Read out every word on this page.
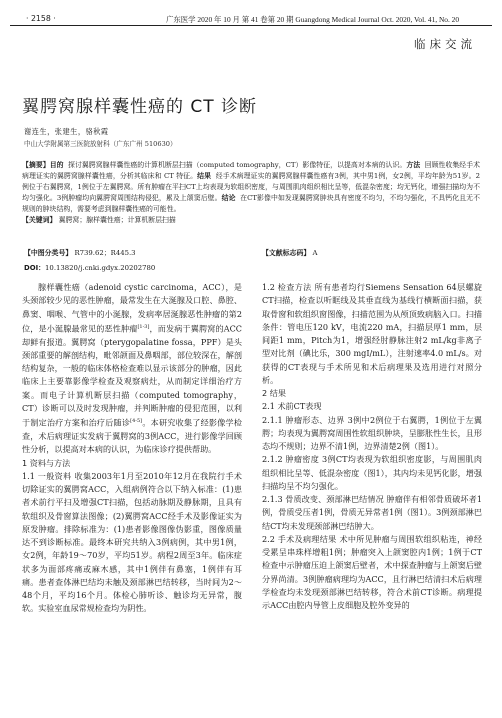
· 2158 ·	广东医学 2020 年 10 月 第 41 卷第 20 期 Guangdong Medical Journal Oct. 2020, Vol. 41, No. 20
临床交流
翼腭窝腺样囊性癌的 CT 诊断
谢连生，张建生，骆秋霞
中山大学附属第三医院放射科（广东广州 510630）
【摘要】目的 探讨翼腭窝腺样囊性癌的计算机断层扫描（computed tomography，CT）影像特征，以提高对本病的认识。方法 回顾性收集经手术病理证实的翼腭窝腺样囊性癌，分析其临床和 CT 特征。结果 经手术病理证实的翼腭窝腺样囊性癌有3例，其中男1例，女2例，平均年龄为51岁。2例位于右翼腭窝，1例位于左翼腭窝。所有肿瘤在平扫CT上均表现为软组织密度，与周围肌肉组织相比呈等，低混杂密度；均无钙化，增强扫描均为不均匀强化。3例肿瘤均向翼腭窝周围结构侵犯，累及上颌窦后壁。结论 在CT影像中如发现翼腭窝肿块具有密度不均匀，不均匀强化，不具钙化且无不规则的肿块结构，需要考虑到腺样囊性癌的可能性。
【关键词】 翼腭窝；腺样囊性癌；计算机断层扫描
【中图分类号】 R739.62；R445.3	【文献标志码】 A
DOI：10.13820/j.cnki.gdyx.20202780

腺样囊性癌（adenoid cystic carcinoma，ACC），是头颈部较少见的恶性肿瘤，最常发生在大涎腺及口腔、鼻腔、鼻窦、咽喉、气管中的小涎腺，发病率居涎腺恶性肿瘤的第2位，是小涎腺最常见的恶性肿瘤[1-3]，而发病于翼腭窝的ACC却鲜有报道。翼腭窝（pterygopalatine fossa，PPF）是头颈部重要的解剖结构，毗邻颌面及鼻咽部，部位较深在，解剖结构复杂，一般的临床体格检查难以显示该部分的肿瘤，因此临床上主要靠影像学检查及观察病灶，从而制定详细治疗方案。而电子计算机断层扫描（computed tomography，CT）诊断可以及时发现肿瘤，并判断肿瘤的侵犯范围，以利于制定治疗方案和治疗后随诊[4-5]。本研究收集了经影像学检查，术后病理证实发病于翼腭窝的3例ACC，进行影像学回顾性分析，以提高对本病的认识，为临床诊疗提供帮助。

1 资料与方法

1.1 一般资料 收集2003年1月至2010年12月在我院行手术切除证实的翼腭窝ACC，入组病例符合以下纳入标准：(1)患者术前行平扫及增强CT扫描，包括动脉期及静脉期，且具有软组织及骨窗算法图像；(2)翼腭窝ACC经手术及影像证实为原发肿瘤。排除标准为：(1)患者影像图像伪影重，图像质量达不到诊断标准。最终本研究共纳入3例病例，其中男1例，女2例，年龄19～70岁，平均51岁。病程2周至3年。临床症状多为面部疼痛或麻木感，其中1例伴有鼻塞，1例伴有耳痛。患者查体淋巴结均未触及颈部淋巴结转移，当时间为2～48个月，平均16个月。体检心肺听诊、触诊均无异常，腹软。实验室血尿常规检查均为阴性。

1.2 检查方法 所有患者均行Siemens Sensation 64层螺旋CT扫描，检查以听眶线及其垂直线为基线行横断面扫描，获取骨窗和软组织窗图像，扫描范围为从颅顶致病脑入口。扫描条件：管电压120 kV，电流220 mA，扫描层厚1 mm，层间距1 mm，Pitch为1，增强经肘静脉注射2 mL/kg非离子型对比剂（碘比乐，300 mgI/mL），注射速率4.0 mL/s。对获得的CT表现与手术所见和术后病理果及选用进行对照分析。

2 结果

2.1 术前CT表现

2.1.1 肿瘤形态、边界 3例中2例位于右翼腭，1例位于左翼腭；均表现为翼腭窝周围性软组织肿块，呈膨胀性生长，且形态均不规则；边界不清1例，边界清楚2例（图1）。

2.1.2 肿瘤密度 3例CT均表现为软组织密度影，与周围肌肉组织相比呈等、低混杂密度（图1），其内均未见钙化影，增强扫描均呈不均匀强化。

2.1.3 骨质改变、颈部淋巴结情况 肿瘤伴有相邻骨质破坏者1例，骨质受压者1例，骨质无异常者1例（图1）。3例颈部淋巴结CT均未发现颈部淋巴结肿大。

2.2 手术及病理结果 术中所见肿瘤与周围软组织粘连，神经受累呈串珠样增粗1例；肿瘤突入上颌窦腔内1例；1例于CT检查中示肿瘤压迫上颌窦后壁者，术中探查肿瘤与上颌窦后壁分界尚清。3例肿瘤病理均为ACC，且行淋巴结清扫术后病理学检查均未发现颈部淋巴结转移，符合术前CT诊断。病理提示ACC由腔内导管上皮细胞及腔外变异的
